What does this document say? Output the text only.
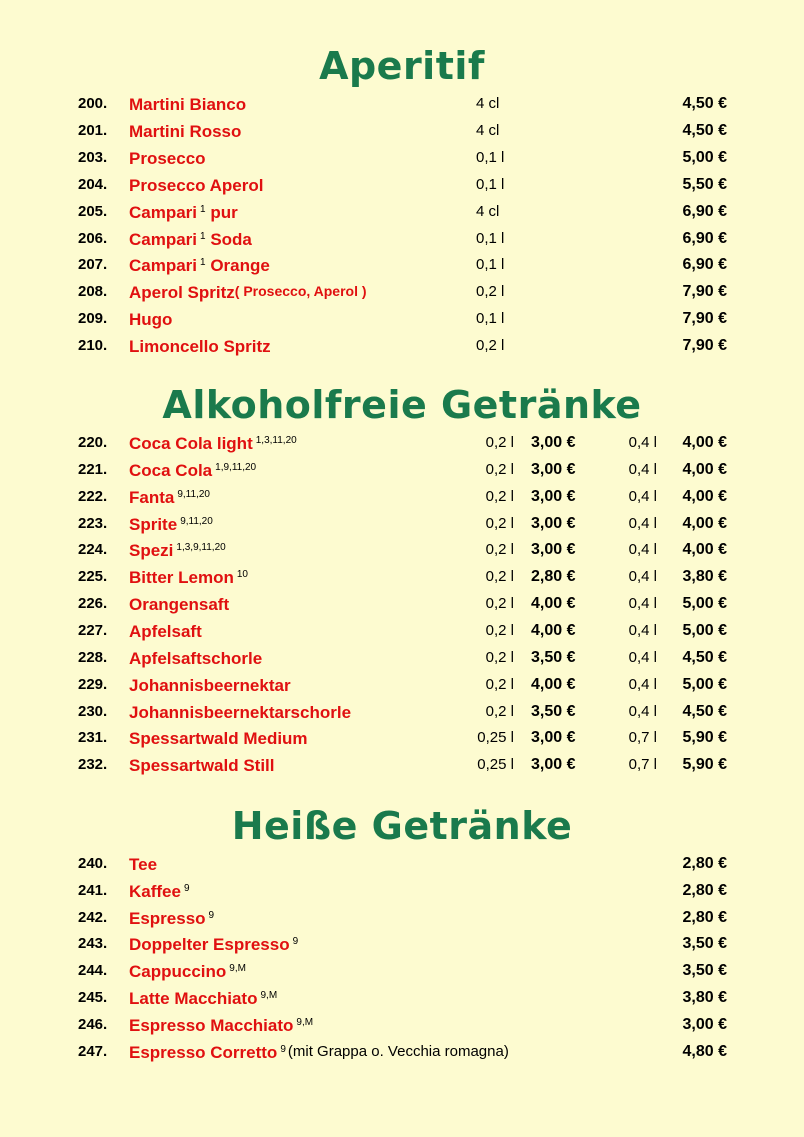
Aperitif
200. Martini Bianco	4 cl	4,50 €
201. Martini Rosso	4 cl	4,50 €
203. Prosecco	0,1 l	5,00 €
204. Prosecco Aperol	0,1 l	5,50 €
205. Campari $^1$ pur	4 cl	6,90 €
206. Campari $^1$ Soda	0,1 l	6,90 €
207. Campari $^1$ Orange	0,1 l	6,90 €
208. Aperol Spritz ( Prosecco, Aperol )	0,2 l	7,90 €
209. Hugo	0,1 l	7,90 €
210. Limoncello Spritz	0,2 l	7,90 €
Alkoholfreie Getränke
220. Coca Cola light $^{1,3,11,20}$	0,2 l 3,00 €	0,4 l 4,00 €
221. Coca Cola $^{1,9,11,20}$	0,2 l 3,00 €	0,4 l 4,00 €
222. Fanta $^{9,11,20}$	0,2 l 3,00 €	0,4 l 4,00 €
223. Sprite $^{9,11,20}$	0,2 l 3,00 €	0,4 l 4,00 €
224. Spezi $^{1,3,9,11,20}$	0,2 l 3,00 €	0,4 l 4,00 €
225. Bitter Lemon $^{10}$	0,2 l 2,80 €	0,4 l 3,80 €
226. Orangensaft	0,2 l 4,00 €	0,4 l 5,00 €
227. Apfelsaft	0,2 l 4,00 €	0,4 l 5,00 €
228. Apfelsaftschorle	0,2 l 3,50 €	0,4 l 4,50 €
229. Johannisbeernektar	0,2 l 4,00 €	0,4 l 5,00 €
230. Johannisbeernektarschorle	0,2 l 3,50 €	0,4 l 4,50 €
231. Spessartwald Medium	0,25 l 3,00 €	0,7 l 5,90 €
232. Spessartwald Still	0,25 l 3,00 €	0,7 l 5,90 €
Heiße Getränke
240. Tee	2,80 €
241. Kaffee $^9$	2,80 €
242. Espresso $^9$	2,80 €
243. Doppelter Espresso $^9$	3,50 €
244. Cappuccino $^{9,M}$	3,50 €
245. Latte Macchiato $^{9,M}$	3,80 €
246. Espresso Macchiato $^{9,M}$	3,00 €
247. Espresso Corretto $^9$ (mit Grappa o. Vecchia romagna)	4,80 €
